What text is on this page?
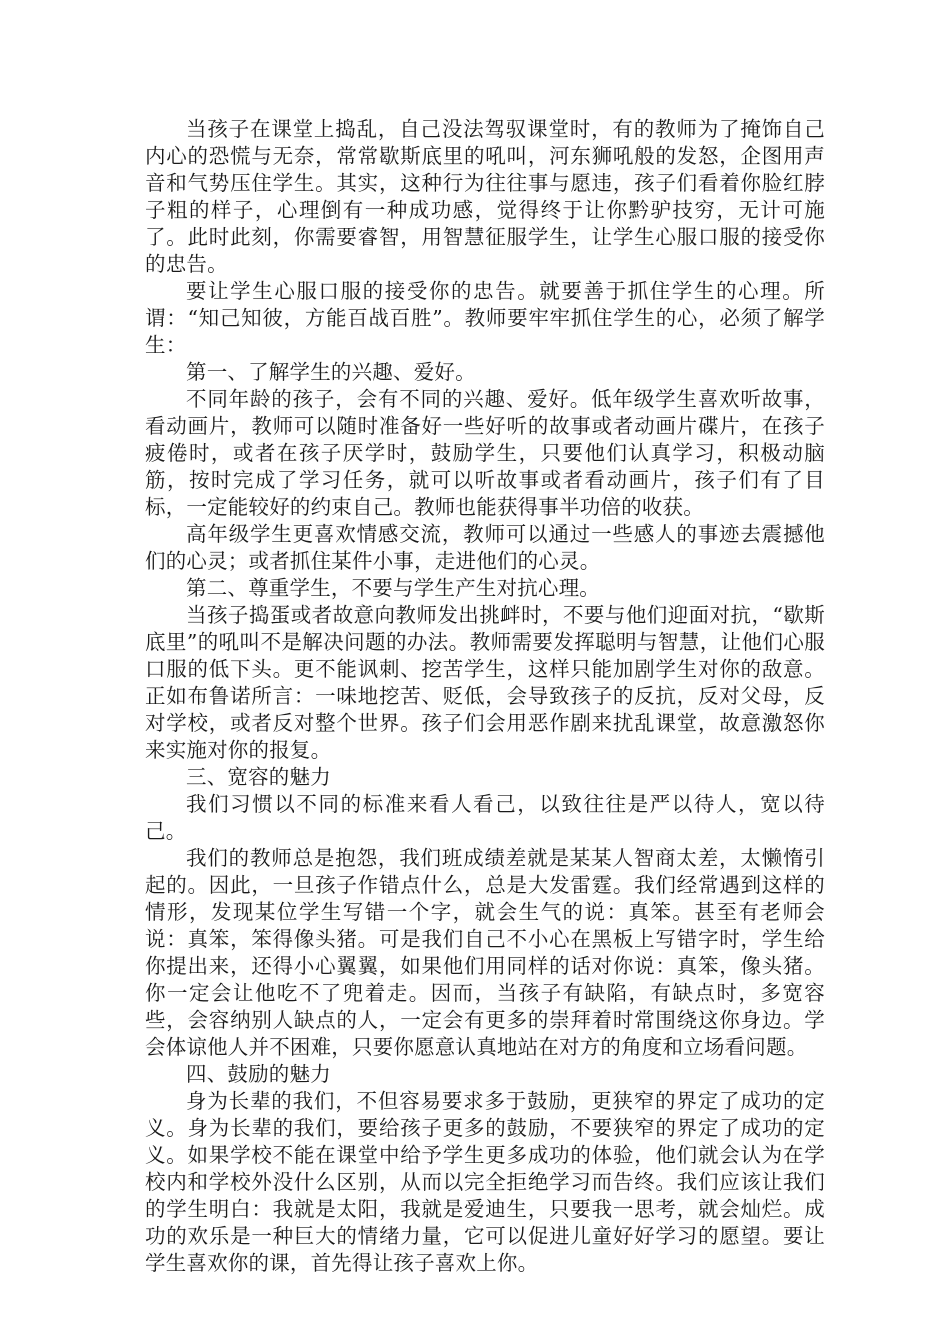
当孩子在课堂上捣乱，自己没法驾驭课堂时，有的教师为了掩饰自己内心的恐慌与无奈，常常歇斯底里的吼叫，河东狮吼般的发怒，企图用声音和气势压住学生。其实，这种行为往往事与愿违，孩子们看着你脸红脖子粗的样子，心理倒有一种成功感，觉得终于让你黔驴技穷，无计可施了。此时此刻，你需要睿智，用智慧征服学生，让学生心服口服的接受你的忠告。

要让学生心服口服的接受你的忠告。就要善于抓住学生的心理。所谓：“知己知彼，方能百战百胜”。教师要牢牢抓住学生的心，必须了解学生：

第一、了解学生的兴趣、爱好。

不同年龄的孩子，会有不同的兴趣、爱好。低年级学生喜欢听故事，看动画片，教师可以随时准备好一些好听的故事或者动画片碟片，在孩子疲倦时，或者在孩子厌学时，鼓励学生，只要他们认真学习，积极动脑筋，按时完成了学习任务，就可以听故事或者看动画片，孩子们有了目标，一定能较好的约束自己。教师也能获得事半功倍的收获。

高年级学生更喜欢情感交流，教师可以通过一些感人的事迹去震撼他们的心灵；或者抓住某件小事，走进他们的心灵。

第二、尊重学生，不要与学生产生对抗心理。

当孩子捣蛋或者故意向教师发出挑衅时，不要与他们迎面对抗，“歇斯底里”的吼叫不是解决问题的办法。教师需要发挥聪明与智慧，让他们心服口服的低下头。更不能讽刺、挖苦学生，这样只能加剧学生对你的敌意。正如布鲁诺所言：一味地挖苦、贬低，会导致孩子的反抗，反对父母，反对学校，或者反对整个世界。孩子们会用恶作剧来扰乱课堂，故意激怒你来实施对你的报复。

三、宽容的魅力

我们习惯以不同的标准来看人看己，以致往往是严以待人，宽以待己。

我们的教师总是抱怨，我们班成绩差就是某某人智商太差，太懒惰引起的。因此，一旦孩子作错点什么，总是大发雷霆。我们经常遇到这样的情形，发现某位学生写错一个字，就会生气的说：真笨。甚至有老师会说：真笨，笨得像头猪。可是我们自己不小心在黑板上写错字时，学生给你提出来，还得小心翼翼，如果他们用同样的话对你说：真笨，像头猪。你一定会让他吃不了兜着走。因而，当孩子有缺陷，有缺点时，多宽容些，会容纳别人缺点的人，一定会有更多的崇拜着时常围绕这你身边。学会体谅他人并不困难，只要你愿意认真地站在对方的角度和立场看问题。

四、鼓励的魅力

身为长辈的我们，不但容易要求多于鼓励，更狭窄的界定了成功的定义。身为长辈的我们，要给孩子更多的鼓励，不要狭窄的界定了成功的定义。如果学校不能在课堂中给予学生更多成功的体验，他们就会认为在学校内和学校外没什么区别，从而以完全拒绝学习而告终。我们应该让我们的学生明白：我就是太阳，我就是爱迪生，只要我一思考，就会灿烂。成功的欢乐是一种巨大的情绪力量，它可以促进儿童好好学习的愿望。要让学生喜欢你的课，首先得让孩子喜欢上你。
